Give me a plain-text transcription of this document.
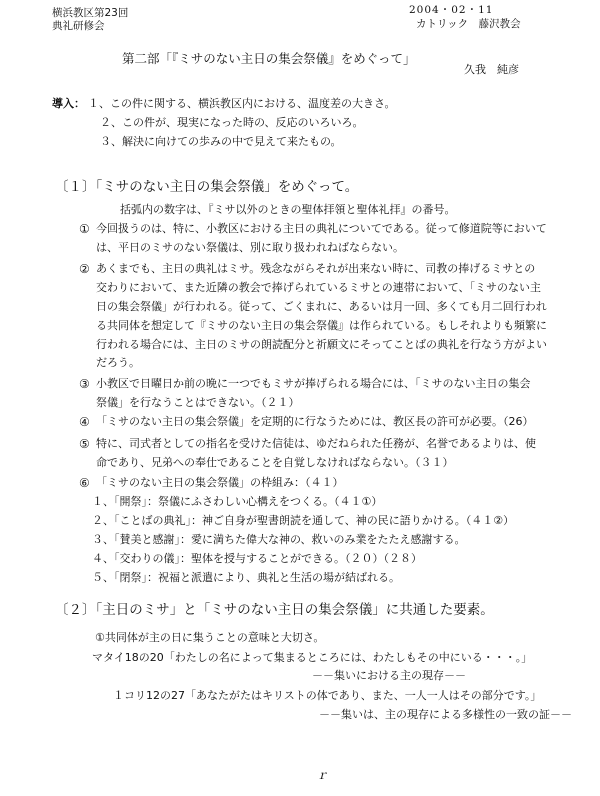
横浜教区第23回
典礼研修会
2004・02・11
カトリック　藤沢教会
第二部「『ミサのない主日の集会祭儀』をめぐって」
久我　純彦
導入： １、この件に関する、横浜教区内における、温度差の大きさ。
２、この件が、現実になった時の、反応のいろいろ。
３、解決に向けての歩みの中で見えて来たもの。
〔１〕「ミサのない主日の集会祭儀」をめぐって。
括弧内の数字は、『ミサ以外のときの聖体拝領と聖体礼拝』の番号。
① 今回扱うのは、特に、小教区における主日の典礼についてである。従って修道院等において
は、平日のミサのない祭儀は、別に取り扱われねばならない。
② あくまでも、主日の典礼はミサ。残念ながらそれが出来ない時に、司教の捧げるミサとの
交わりにおいて、また近隣の教会で捧げられているミサとの連帯において、「ミサのない主
日の集会祭儀」が行われる。従って、ごくまれに、あるいは月一回、多くても月二回行われ
る共同体を想定して『ミサのない主日の集会祭儀』は作られている。もしそれよりも頻繁に
行われる場合には、主日のミサの朗読配分と祈願文にそってことばの典礼を行なう方がよい
だろう。
③ 小教区で日曜日か前の晩に一つでもミサが捧げられる場合には、「ミサのない主日の集会
祭儀」を行なうことはできない。（２１）
④ 「ミサのない主日の集会祭儀」を定期的に行なうためには、教区長の許可が必要。（26）
⑤ 特に、司式者としての指名を受けた信徒は、ゆだねられた任務が、名誉であるよりは、使
命であり、兄弟への奉仕であることを自覚しなければならない。（３１）
⑥ 「ミサのない主日の集会祭儀」の枠組み：（４１）
１、「開祭」：祭儀にふさわしい心構えをつくる。（４１①）
２、「ことばの典礼」：神ご自身が聖書朗読を通して、神の民に語りかける。（４１②）
３、「賛美と感謝」：愛に満ちた偉大な神の、救いのみ業をたたえ感謝する。
４、「交わりの儀」：聖体を授与することができる。（２０）（２８）
５、「閉祭」：祝福と派遣により、典礼と生活の場が結ばれる。
〔２〕「主日のミサ」と「ミサのない主日の集会祭儀」に共通した要素。
①共同体が主の日に集うことの意味と大切さ。
マタイ18の20「わたしの名によって集まるところには、わたしもその中にいる・・・。」
－－集いにおける主の現存－－
１コリ12の27「あなたがたはキリストの体であり、また、一人一人はその部分です。」
－－集いは、主の現存による多様性の一致の証－－
ｒ
